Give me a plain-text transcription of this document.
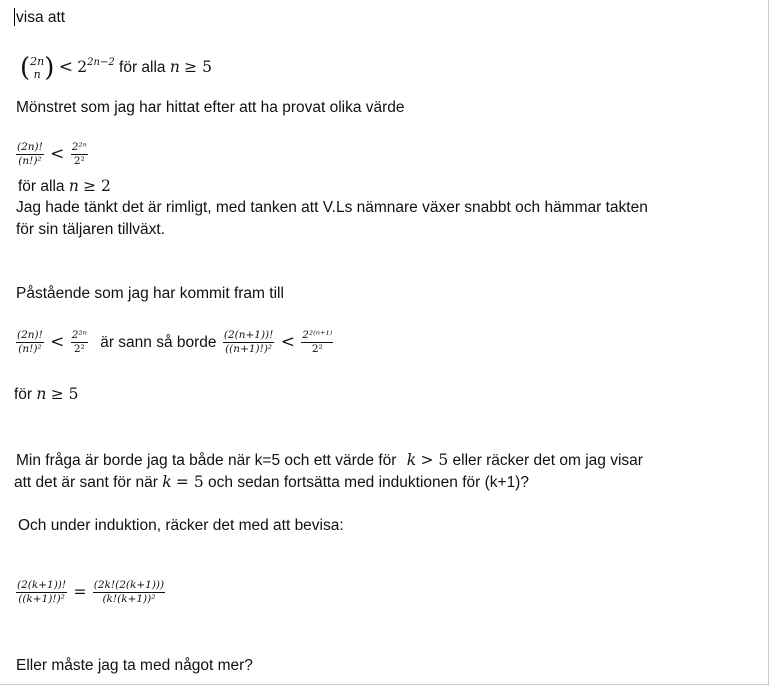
visa att
( 2n
n ) < $2^{2n-2}$ för alla n ≥ 5
Mönstret som jag har hittat efter att ha provat olika värde
$\frac{(2n)!}{\text{(n!)²}} < \frac{\text{2²ⁿ}}{\text{2²}}$
för alla n ≥ 2
Jag hade tänkt det är rimligt, med tanken att V.Ls nämnare växer snabbt och hämmar takten
för sin täljaren tillväxt.
Påstående som jag har kommit fram till
$\frac{(2n)!}{\text{(n!)²}} < \frac{\text{2²ⁿ}}{\text{2²}}$ är sann så borde $\frac{(2(n+1))!}{\text{((n+1)!)²}} < \frac{\text{2²⁽ⁿ⁺¹⁾}}{\text{2²}}$
för n ≥ 5
Min fråga är borde jag ta både när k=5 och ett värde för k > 5 eller räcker det om jag visar
att det är sant för när k = 5 och sedan fortsätta med induktionen för (k+1)?
Och under induktion, räcker det med att bevisa:
$\frac{(2(k+1))!}{\text{((k+1)!)²}} = \frac{(2k!(2(k+1)))}{\text{(k!(k+1))²}}$
Eller måste jag ta med något mer?
